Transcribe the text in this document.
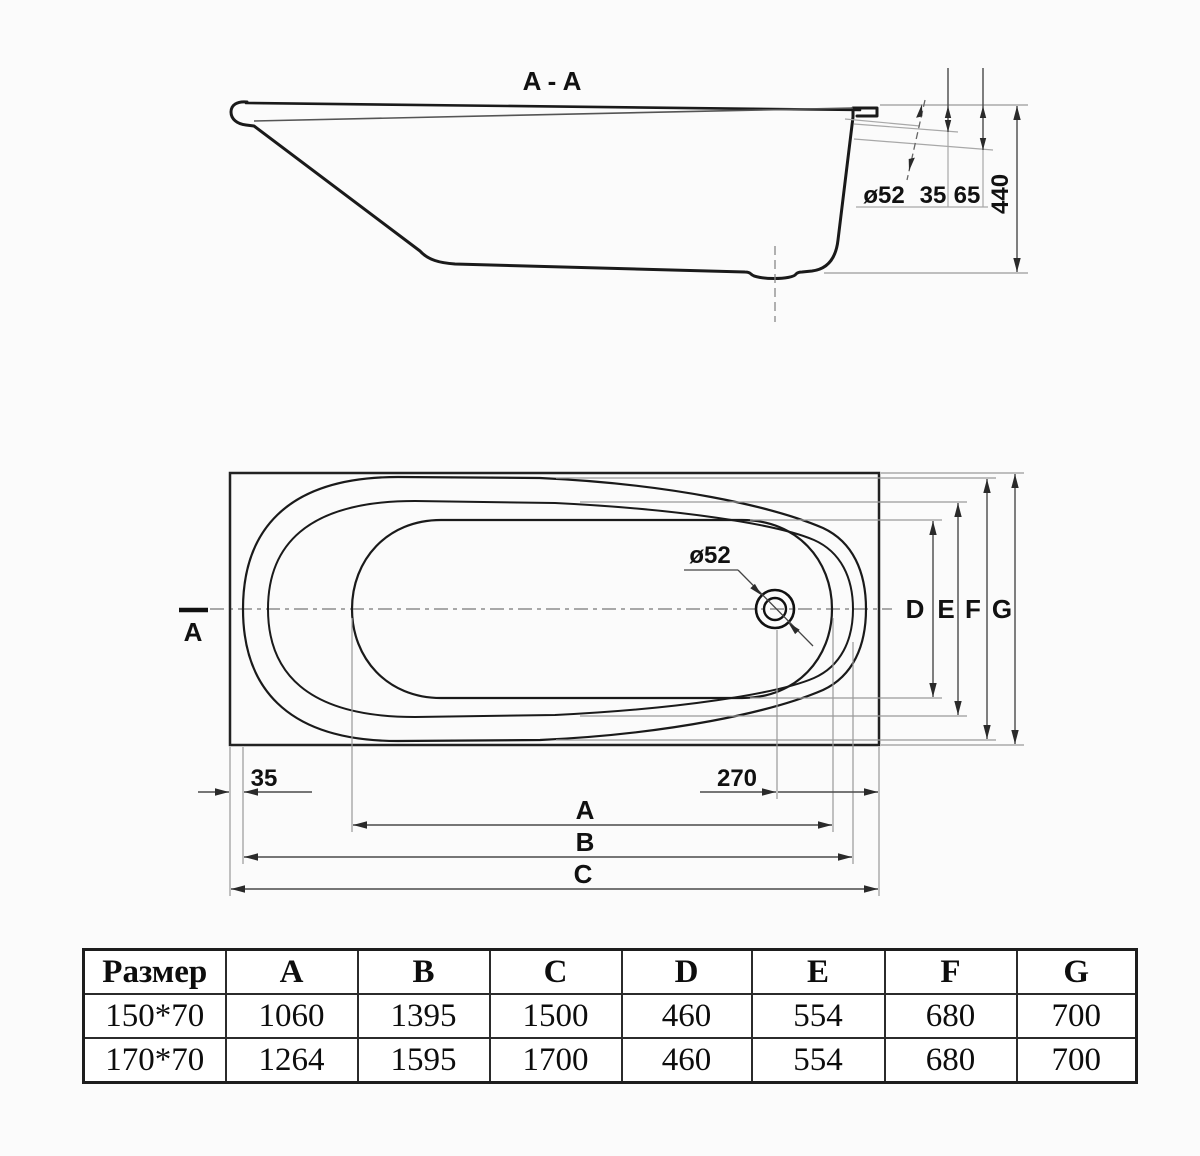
A - A
440
35 65
ø52
A
ø52
D E F G
35	270
A
B
C
Размер	A	B	C	D	E	F	G
150*70	1060	1395	1500	460	554	680	700
170*70	1264	1595	1700	460	554	680	700
